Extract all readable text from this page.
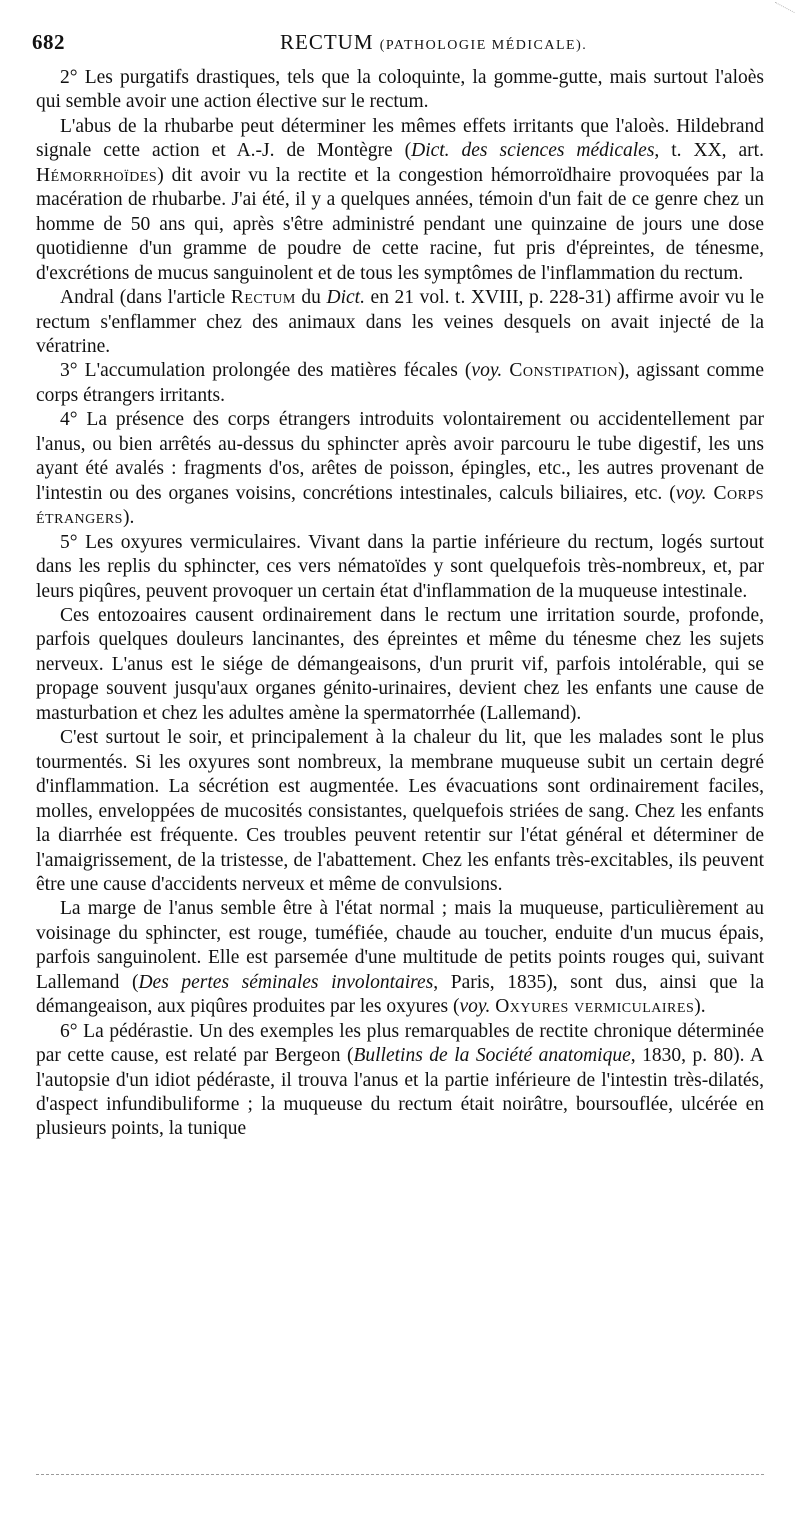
682	RECTUM (PATHOLOGIE MÉDICALE).

2° Les purgatifs drastiques, tels que la coloquinte, la gomme-gutte, mais surtout l'aloès qui semble avoir une action élective sur le rectum.

L'abus de la rhubarbe peut déterminer les mêmes effets irritants que l'aloès. Hildebrand signale cette action et A.-J. de Montègre (Dict. des sciences médicales, t. XX, art. Hémorrhoïdes) dit avoir vu la rectite et la congestion hémorroïdhaire provoquées par la macération de rhubarbe. J'ai été, il y a quelques années, témoin d'un fait de ce genre chez un homme de 50 ans qui, après s'être administré pendant une quinzaine de jours une dose quotidienne d'un gramme de poudre de cette racine, fut pris d'épreintes, de ténesme, d'excrétions de mucus sanguinolent et de tous les symptômes de l'inflammation du rectum.

Andral (dans l'article Rectum du Dict. en 21 vol. t. XVIII, p. 228-31) affirme avoir vu le rectum s'enflammer chez des animaux dans les veines desquels on avait injecté de la vératrine.

3° L'accumulation prolongée des matières fécales (voy. Constipation), agissant comme corps étrangers irritants.

4° La présence des corps étrangers introduits volontairement ou accidentellement par l'anus, ou bien arrêtés au-dessus du sphincter après avoir parcouru le tube digestif, les uns ayant été avalés : fragments d'os, arêtes de poisson, épingles, etc., les autres provenant de l'intestin ou des organes voisins, concrétions intestinales, calculs biliaires, etc. (voy. Corps étrangers).

5° Les oxyures vermiculaires. Vivant dans la partie inférieure du rectum, logés surtout dans les replis du sphincter, ces vers nématoïdes y sont quelquefois très-nombreux, et, par leurs piqûres, peuvent provoquer un certain état d'inflammation de la muqueuse intestinale.

Ces entozoaires causent ordinairement dans le rectum une irritation sourde, profonde, parfois quelques douleurs lancinantes, des épreintes et même du ténesme chez les sujets nerveux. L'anus est le siége de démangeaisons, d'un prurit vif, parfois intolérable, qui se propage souvent jusqu'aux organes génito-urinaires, devient chez les enfants une cause de masturbation et chez les adultes amène la spermatorrhée (Lallemand).

C'est surtout le soir, et principalement à la chaleur du lit, que les malades sont le plus tourmentés. Si les oxyures sont nombreux, la membrane muqueuse subit un certain degré d'inflammation. La sécrétion est augmentée. Les évacuations sont ordinairement faciles, molles, enveloppées de mucosités consistantes, quelquefois striées de sang. Chez les enfants la diarrhée est fréquente. Ces troubles peuvent retentir sur l'état général et déterminer de l'amaigrissement, de la tristesse, de l'abattement. Chez les enfants très-excitables, ils peuvent être une cause d'accidents nerveux et même de convulsions.

La marge de l'anus semble être à l'état normal ; mais la muqueuse, particulièrement au voisinage du sphincter, est rouge, tuméfiée, chaude au toucher, enduite d'un mucus épais, parfois sanguinolent. Elle est parsemée d'une multitude de petits points rouges qui, suivant Lallemand (Des pertes séminales involontaires, Paris, 1835), sont dus, ainsi que la démangeaison, aux piqûres produites par les oxyures (voy. Oxyures vermiculaires).

6° La pédérastie. Un des exemples les plus remarquables de rectite chronique déterminée par cette cause, est relaté par Bergeon (Bulletins de la Société anatomique, 1830, p. 80). A l'autopsie d'un idiot pédéraste, il trouva l'anus et la partie inférieure de l'intestin très-dilatés, d'aspect infundibuliforme ; la muqueuse du rectum était noirâtre, boursouflée, ulcérée en plusieurs points, la tunique
